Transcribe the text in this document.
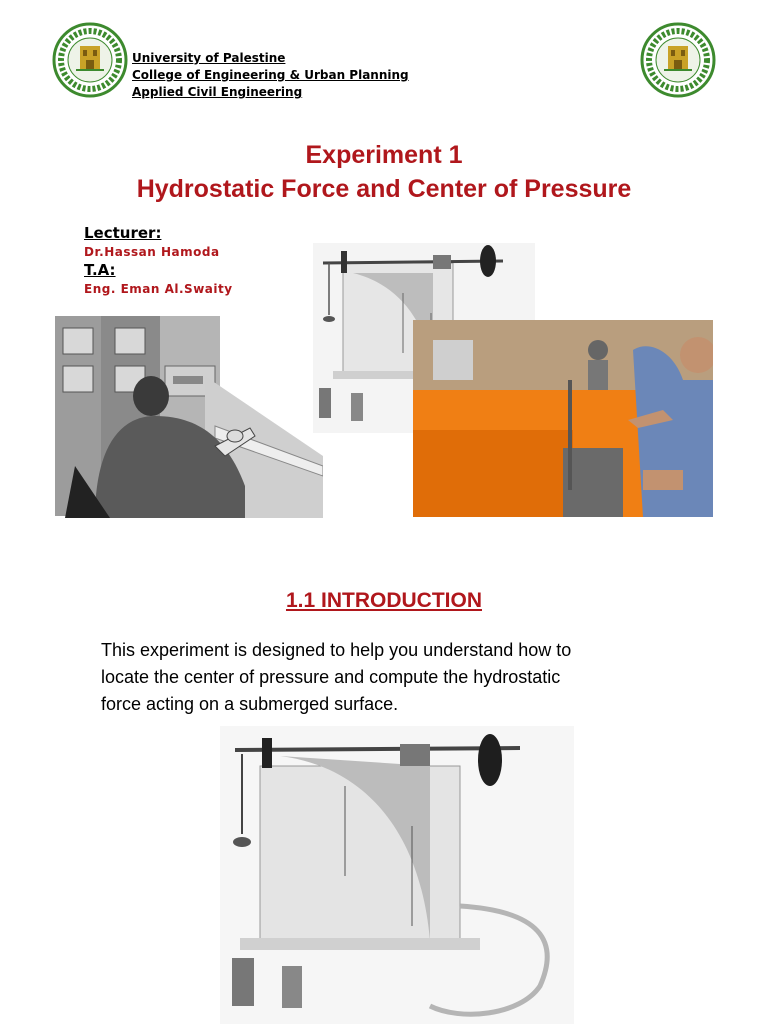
University of Palestine
College of Engineering & Urban Planning
Applied Civil Engineering
Experiment 1
Hydrostatic Force and Center of Pressure
Lecturer:
Dr.Hassan Hamoda
T.A:
Eng. Eman Al.Swaity
1.1 INTRODUCTION
This experiment is designed to help you understand how to
locate the center of pressure and compute the hydrostatic
force acting on a submerged surface.
